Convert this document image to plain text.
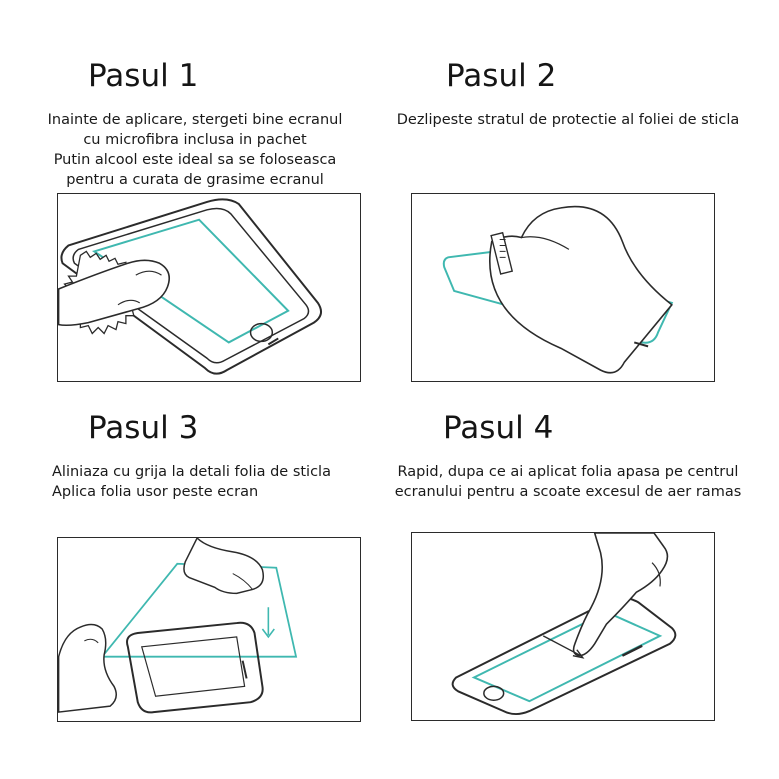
Pasul 1
Inainte de aplicare, stergeti bine ecranul
cu microfibra inclusa in pachet
Putin alcool este ideal sa se foloseasca
pentru a curata de grasime ecranul
Pasul 2
Dezlipeste stratul de protectie al foliei de sticla
Pasul 3
Aliniaza cu grija la detali folia de sticla
Aplica folia usor peste ecran
Pasul 4
Rapid, dupa ce ai aplicat folia apasa pe centrul
ecranului pentru a scoate excesul de aer ramas
